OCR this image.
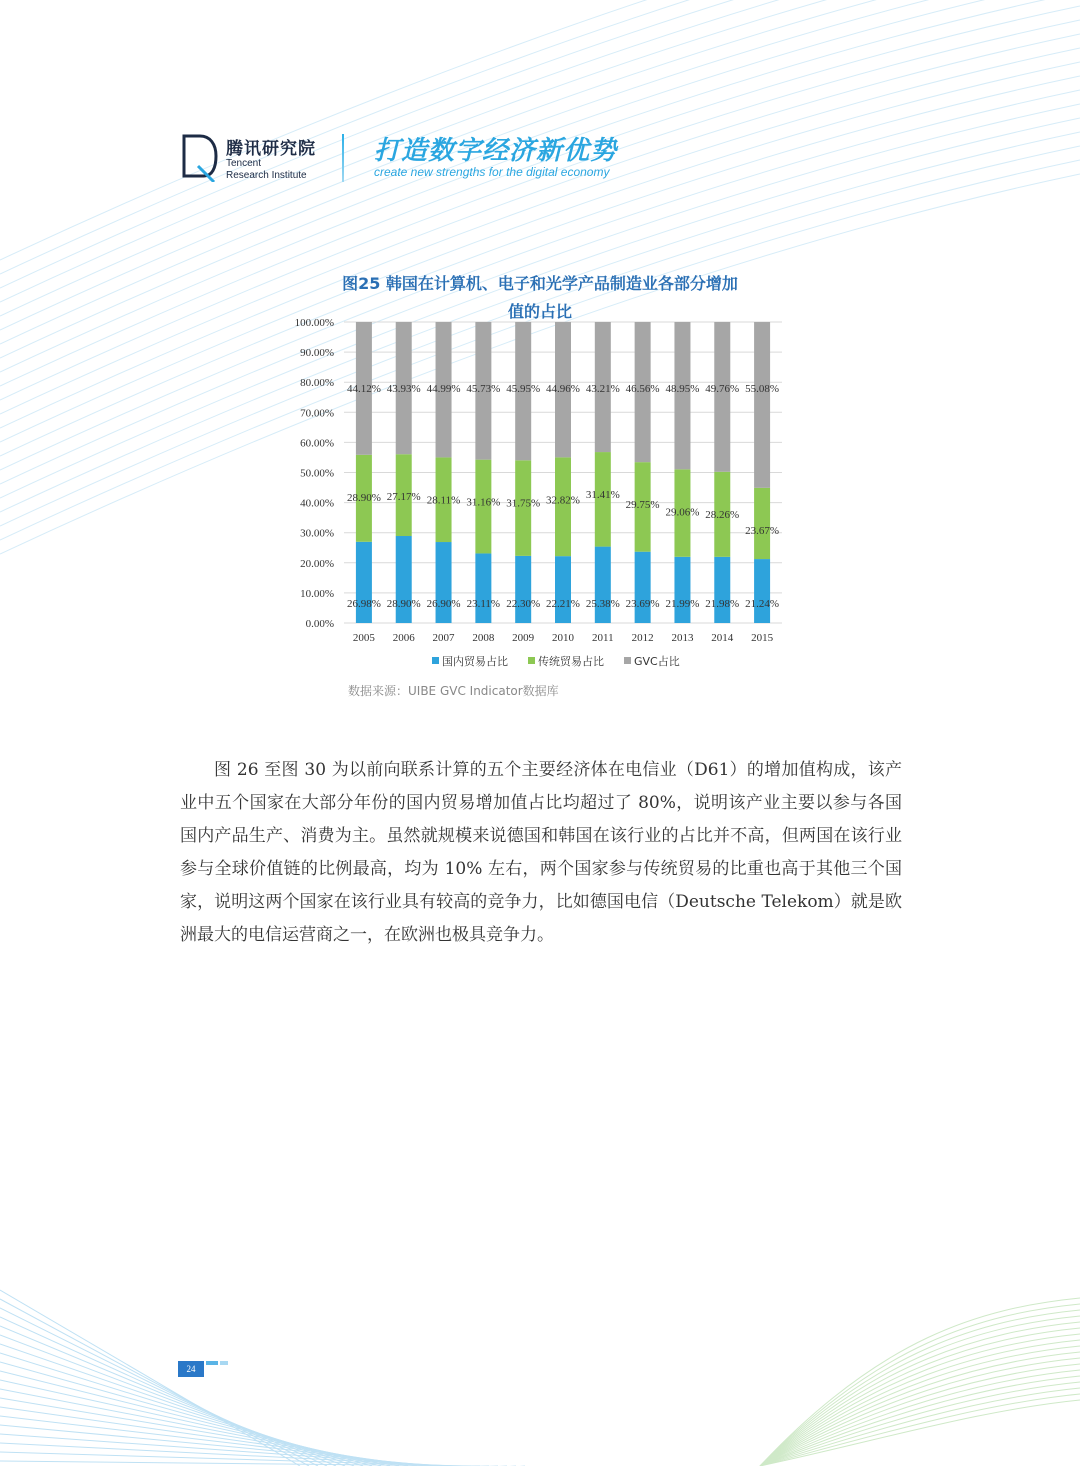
腾讯研究院
Tencent
Research Institute
打造数字经济新优势
create new strengths for the digital economy
图25 韩国在计算机、电子和光学产品制造业各部分增加
值的占比
0.00%
10.00%
20.00%
30.00%
40.00%
50.00%
60.00%
70.00%
80.00%
90.00%
100.00%
26.98%
28.90%
44.12%
2005
28.90%
27.17%
43.93%
2006
26.90%
28.11%
44.99%
2007
23.11%
31.16%
45.73%
2008
22.30%
31.75%
45.95%
2009
22.21%
32.82%
44.96%
2010
25.38%
31.41%
43.21%
2011
23.69%
29.75%
46.56%
2012
21.99%
29.06%
48.95%
2013
21.98%
28.26%
49.76%
2014
21.24%
23.67%
55.08%
2015
国内贸易占比	传统贸易占比	GVC占比
数据来源：UIBE GVC Indicator数据库

图 26 至图 30 为以前向联系计算的五个主要经济体在电信业（D61）的增加值构成，该产业中五个国家在大部分年份的国内贸易增加值占比均超过了 80%，说明该产业主要以参与各国国内产品生产、消费为主。虽然就规模来说德国和韩国在该行业的占比并不高，但两国在该行业参与全球价值链的比例最高，均为 10% 左右，两个国家参与传统贸易的比重也高于其他三个国家，说明这两个国家在该行业具有较高的竞争力，比如德国电信（Deutsche Telekom）就是欧洲最大的电信运营商之一，在欧洲也极具竞争力。

24
